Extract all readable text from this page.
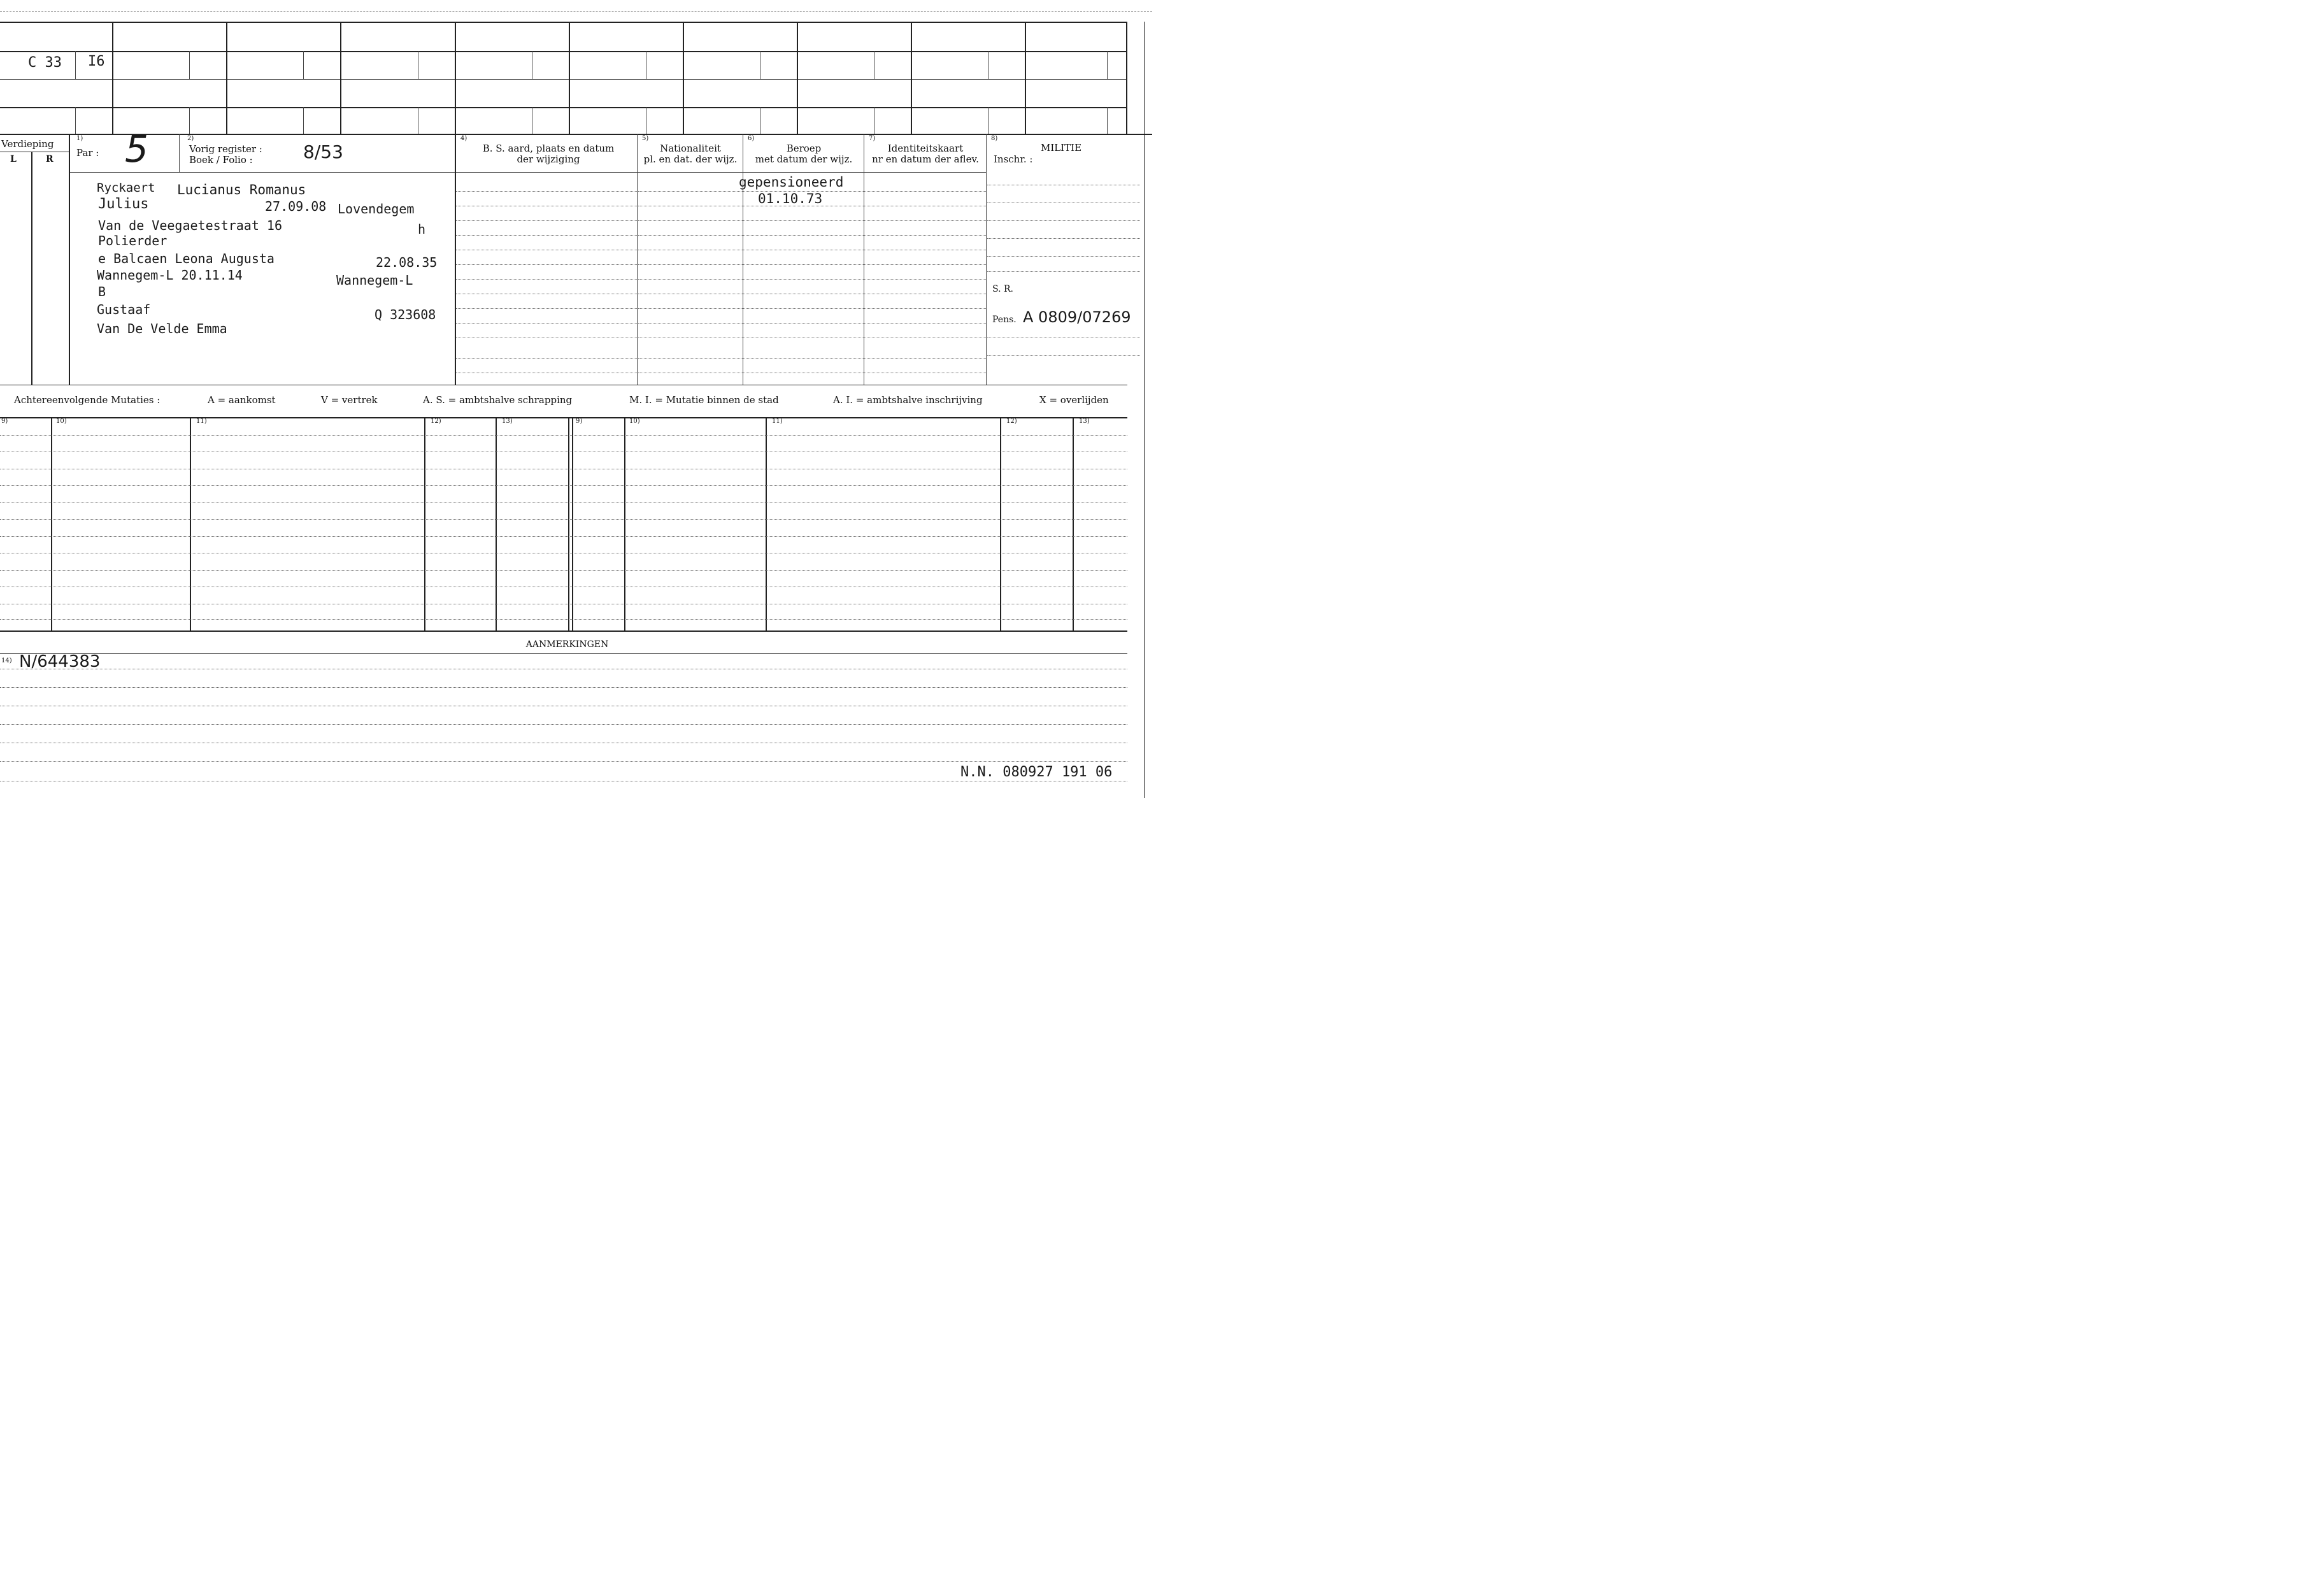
C 33 I6
Verdieping
L	R
1)
Par : 5	2)
Vorig register :
Boek / Folio :	8/53
4)
B. S. aard, plaats en datum
der wijziging
5)
Nationaliteit
pl. en dat. der wijz.
6)
Beroep
met datum der wijz.
7)
Identiteitskaart
nr en datum der aflev.
8)
MILITIE
Inschr. :
gepensioneerd
01.10.73
S. R.
Pens. A 0809/07269
Ryckaert Lucianus Romanus
Julius	27.09.08 Lovendegem
Van de Veegaetestraat 16	h
Polierder
e Balcaen Leona Augusta	22.08.35
Wannegem-L 20.11.14	Wannegem-L
B
Gustaaf	Q 323608
Van De Velde Emma
Achtereenvolgende Mutaties :	A = aankomst	V = vertrek	A. S. = ambtshalve schrapping	M. I. = Mutatie binnen de stad	A. I. = ambtshalve inschrijving	X = overlijden
9)	10)	11)	12)	13)	9)	10)	11)	12)	13)
AANMERKINGEN
14) N/644383
N.N. 080927 191 06
